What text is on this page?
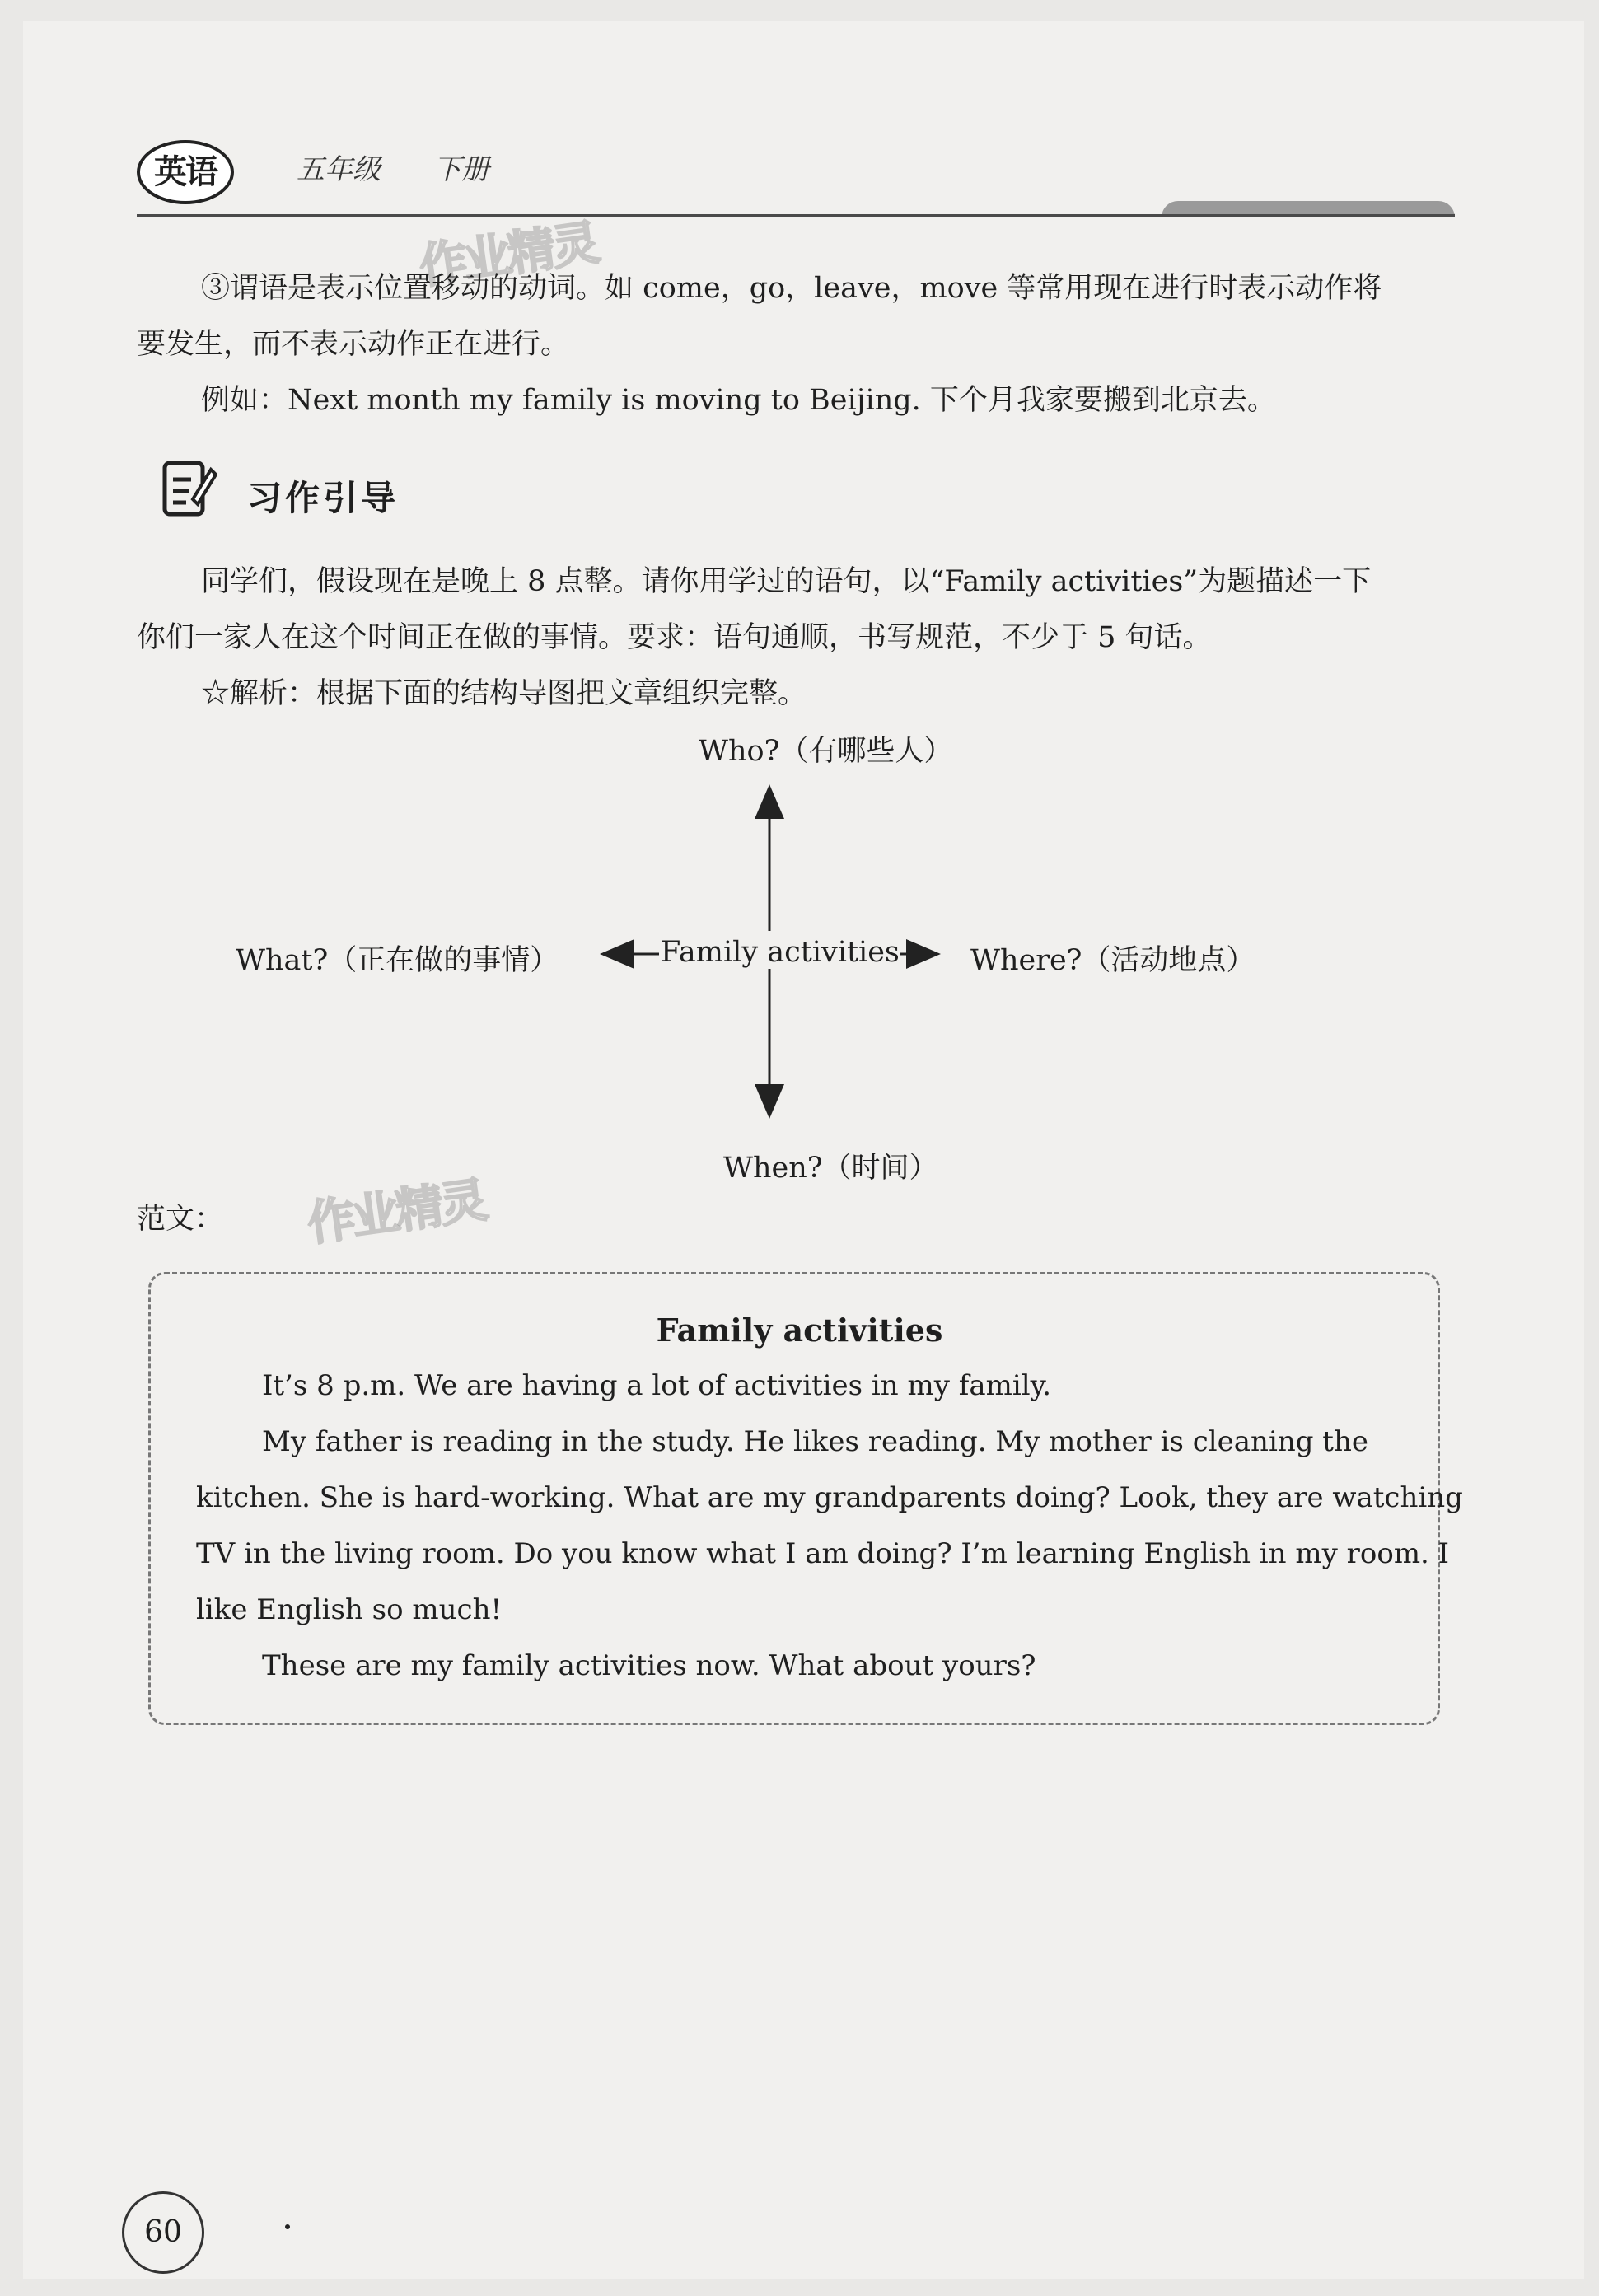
英语	五年级 下册
作业精灵
作业精灵
③谓语是表示位置移动的动词。如 come，go，leave，move 等常用现在进行时表示动作将
要发生，而不表示动作正在进行。
例如：Next month my family is moving to Beijing. 下个月我家要搬到北京去。
习作引导
同学们，假设现在是晚上 8 点整。请你用学过的语句，以“Family activities”为题描述一下
你们一家人在这个时间正在做的事情。要求：语句通顺，书写规范，不少于 5 句话。
☆解析：根据下面的结构导图把文章组织完整。
Who?（有哪些人）
What?（正在做的事情）	Family activities Where?（活动地点）
When?（时间）
范文：
Family activities
It’s 8 p.m. We are having a lot of activities in my family.
My father is reading in the study. He likes reading. My mother is cleaning the
kitchen. She is hard-working. What are my grandparents doing? Look, they are watching
TV in the living room. Do you know what I am doing? I’m learning English in my room. I
like English so much!
These are my family activities now. What about yours?
60
